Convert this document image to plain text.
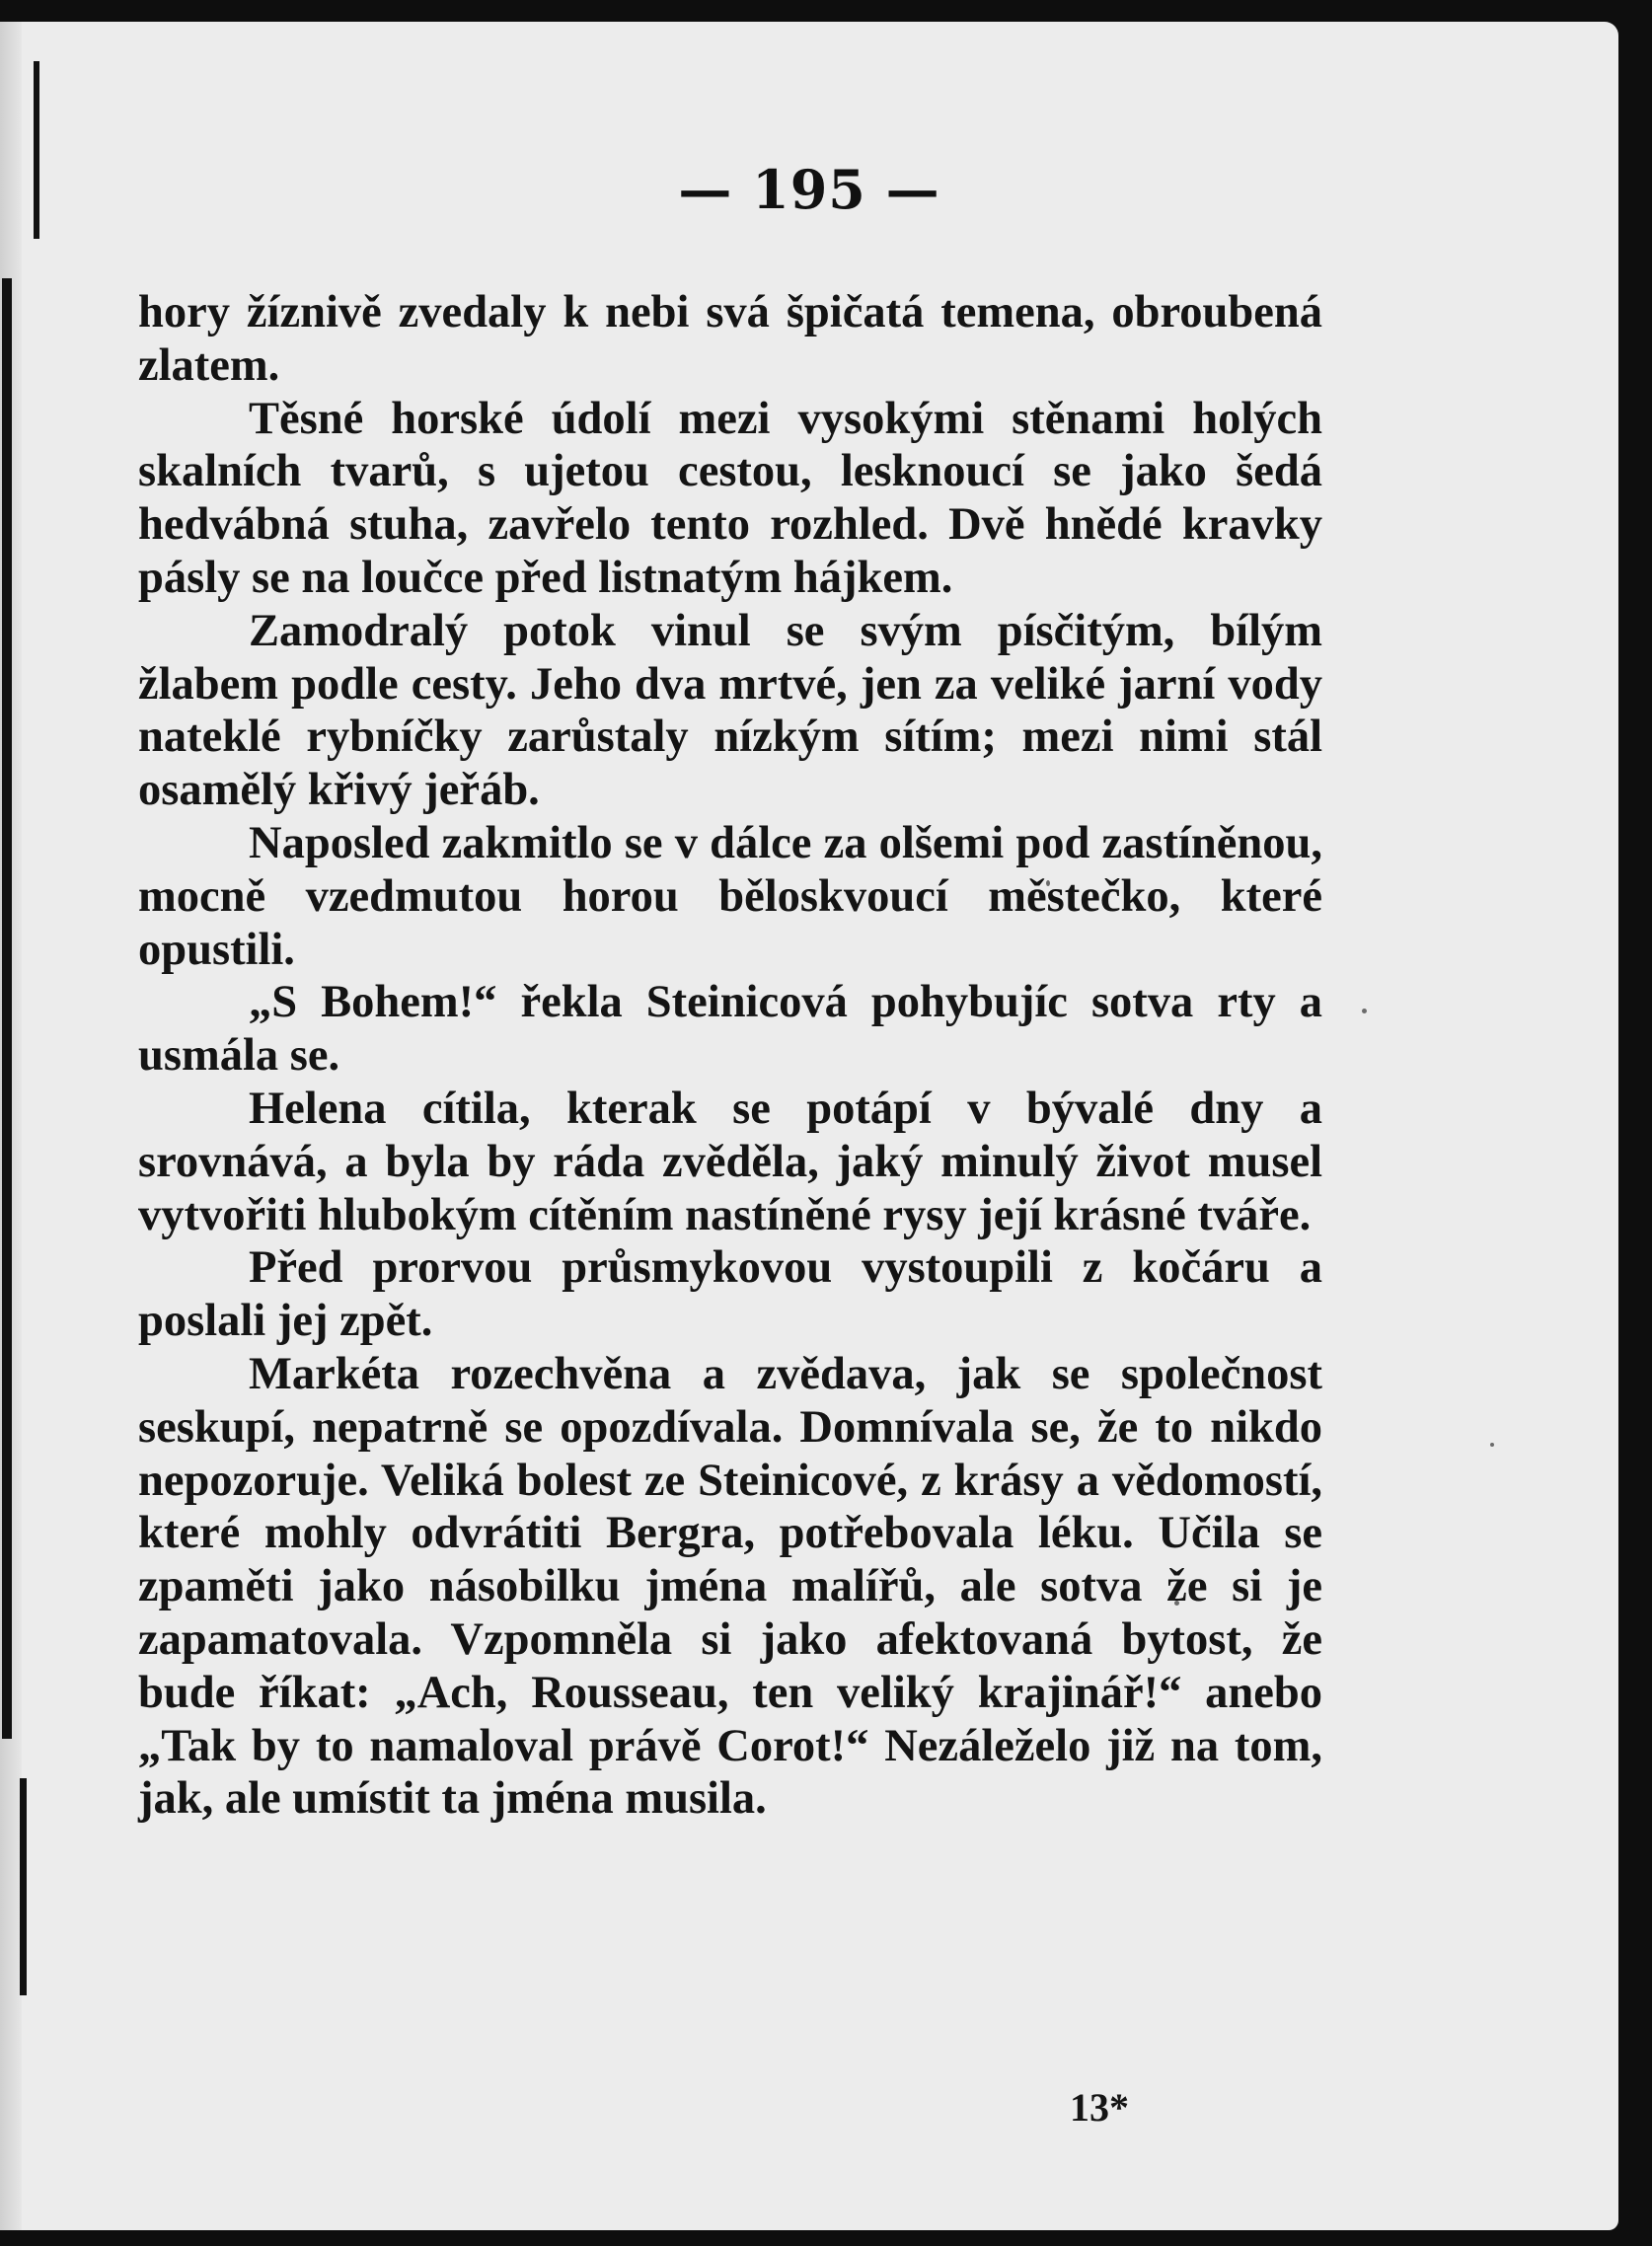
— 195 —

hory žíznivě zvedaly k nebi svá špičatá temena, obroubená zlatem.

Těsné horské údolí mezi vysokými stěnami holých skalních tvarů, s ujetou cestou, lesknoucí se jako šedá hedvábná stuha, zavřelo tento rozhled. Dvě hnědé kravky pásly se na loučce před listnatým hájkem.

Zamodralý potok vinul se svým písčitým, bílým žlabem podle cesty. Jeho dva mrtvé, jen za veliké jarní vody nateklé rybníčky zarůstaly nízkým sítím; mezi nimi stál osamělý křivý jeřáb.

Naposled zakmitlo se v dálce za olšemi pod zastíněnou, mocně vzedmutou horou běloskvoucí městečko, které opustili.

„S Bohem!“ řekla Steinicová pohybujíc sotva rty a usmála se.

Helena cítila, kterak se potápí v bývalé dny a srovnává, a byla by ráda zvěděla, jaký minulý život musel vytvořiti hlubokým cítěním nastíněné rysy její krásné tváře.

Před prorvou průsmykovou vystoupili z kočáru a poslali jej zpět.

Markéta rozechvěna a zvědava, jak se společnost seskupí, nepatrně se opozdívala. Domnívala se, že to nikdo nepozoruje. Veliká bolest ze Steinicové, z krásy a vědomostí, které mohly odvrátiti Bergra, potřebovala léku. Učila se zpaměti jako násobilku jména malířů, ale sotva že si je zapamatovala. Vzpomněla si jako afektovaná bytost, že bude říkat: „Ach, Rousseau, ten veliký krajinář!“ anebo „Tak by to namaloval právě Corot!“ Nezáleželo již na tom, jak, ale umístit ta jména musila.

13*
